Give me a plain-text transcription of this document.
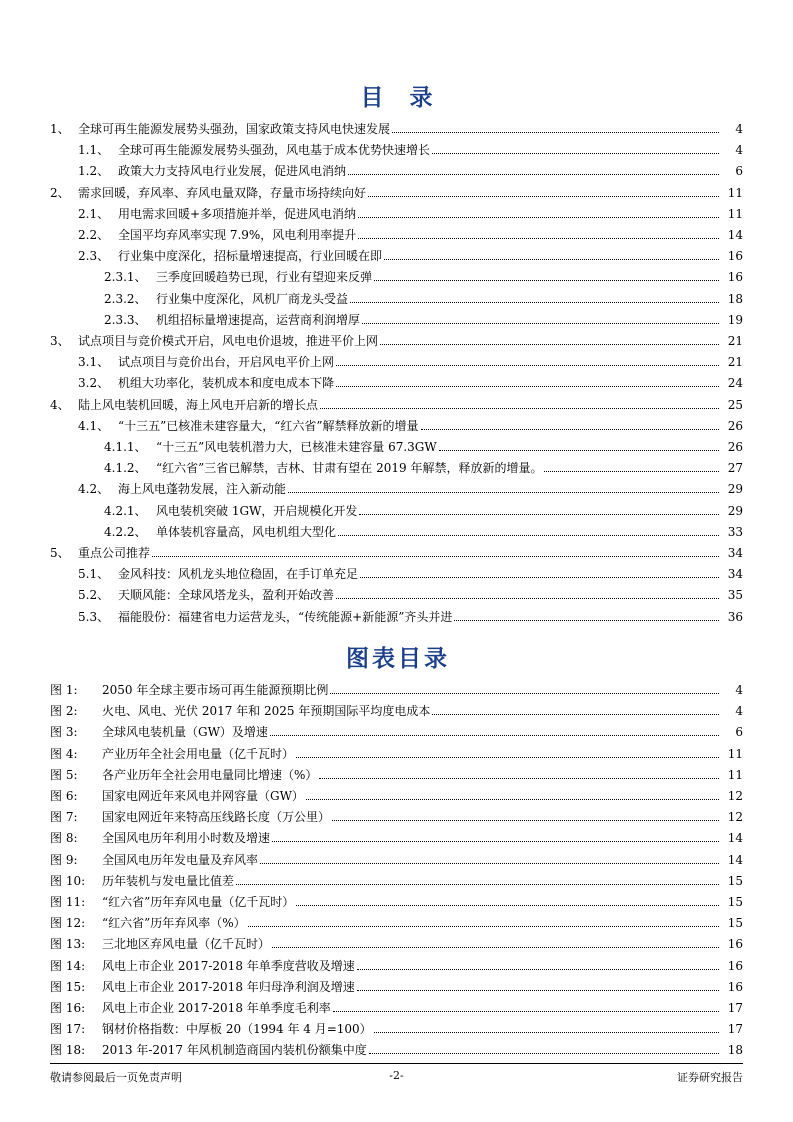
目录
1、 全球可再生能源发展势头强劲，国家政策支持风电快速发展	4
1.1、 全球可再生能源发展势头强劲，风电基于成本优势快速增长	4
1.2、 政策大力支持风电行业发展，促进风电消纳	6
2、 需求回暖，弃风率、弃风电量双降，存量市场持续向好	11
2.1、 用电需求回暖+多项措施并举，促进风电消纳	11
2.2、 全国平均弃风率实现 7.9%，风电利用率提升	14
2.3、 行业集中度深化，招标量增速提高，行业回暖在即	16
2.3.1、 三季度回暖趋势已现，行业有望迎来反弹	16
2.3.2、 行业集中度深化，风机厂商龙头受益	18
2.3.3、 机组招标量增速提高，运营商利润增厚	19
3、 试点项目与竞价模式开启，风电电价退坡，推进平价上网	21
3.1、 试点项目与竞价出台，开启风电平价上网	21
3.2、 机组大功率化，装机成本和度电成本下降	24
4、 陆上风电装机回暖，海上风电开启新的增长点	25
4.1、 “十三五”已核准未建容量大，“红六省”解禁释放新的增量	26
4.1.1、 “十三五”风电装机潜力大，已核准未建容量 67.3GW	26
4.1.2、 “红六省”三省已解禁，吉林、甘肃有望在 2019 年解禁，释放新的增量。	27
4.2、 海上风电蓬勃发展，注入新动能	29
4.2.1、 风电装机突破 1GW，开启规模化开发	29
4.2.2、 单体装机容量高，风电机组大型化	33
5、 重点公司推荐	34
5.1、 金风科技：风机龙头地位稳固，在手订单充足	34
5.2、 天顺风能：全球风塔龙头，盈利开始改善	35
5.3、 福能股份：福建省电力运营龙头，“传统能源+新能源”齐头并进	36
图表目录
图 1:	2050 年全球主要市场可再生能源预期比例	4
图 2:	火电、风电、光伏 2017 年和 2025 年预期国际平均度电成本	4
图 3:	全球风电装机量（GW）及增速	6
图 4:	产业历年全社会用电量（亿千瓦时）	11
图 5:	各产业历年全社会用电量同比增速（%）	11
图 6:	国家电网近年来风电并网容量（GW）	12
图 7:	国家电网近年来特高压线路长度（万公里）	12
图 8:	全国风电历年利用小时数及增速	14
图 9:	全国风电历年发电量及弃风率	14
图 10:	历年装机与发电量比值差	15
图 11:	“红六省”历年弃风电量（亿千瓦时）	15
图 12:	“红六省”历年弃风率（%）	15
图 13:	三北地区弃风电量（亿千瓦时）	16
图 14:	风电上市企业 2017-2018 年单季度营收及增速	16
图 15:	风电上市企业 2017-2018 年归母净利润及增速	16
图 16:	风电上市企业 2017-2018 年单季度毛利率	17
图 17:	钢材价格指数：中厚板 20（1994 年 4 月=100）	17
图 18:	2013 年-2017 年风机制造商国内装机份额集中度	18
敬请参阅最后一页免责声明	-2-	证券研究报告
